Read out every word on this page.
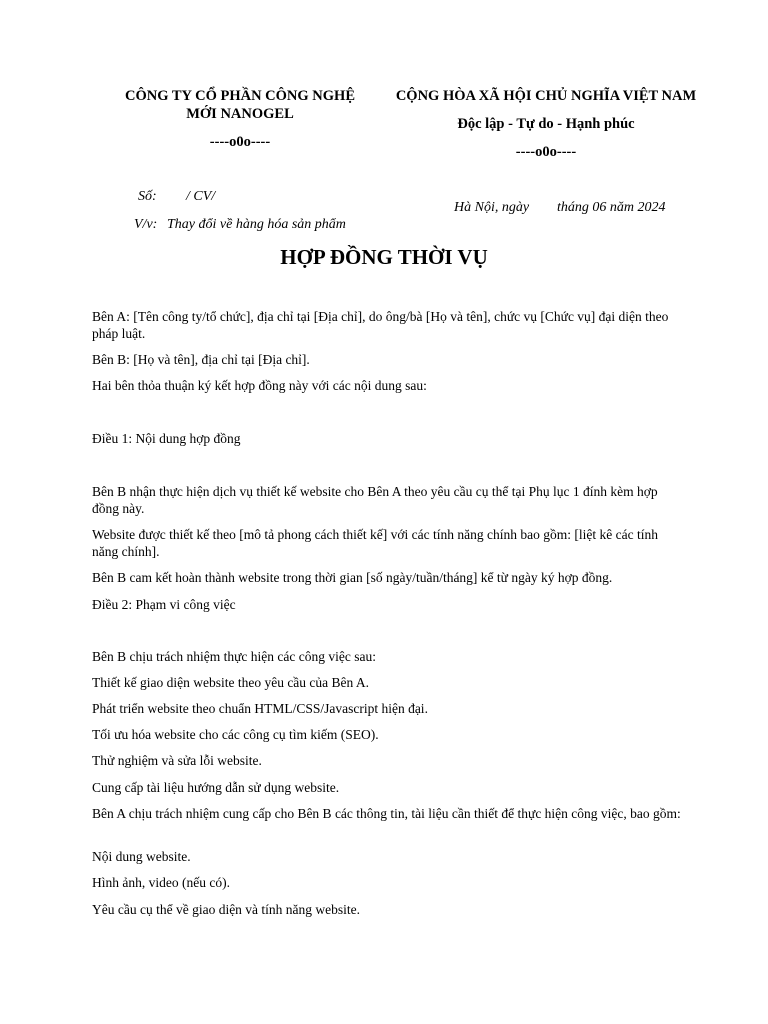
CÔNG TY CỔ PHẦN CÔNG NGHỆ
MỚI NANOGEL
----o0o----
CỘNG HÒA XÃ HỘI CHỦ NGHĨA VIỆT NAM
Độc lập - Tự do - Hạnh phúc
----o0o----
Số: / CV/
V/v: Thay đổi về hàng hóa sản phẩm
Hà Nội, ngày tháng 06 năm 2024
HỢP ĐỒNG THỜI VỤ
Bên A: [Tên công ty/tổ chức], địa chỉ tại [Địa chỉ], do ông/bà [Họ và tên], chức vụ [Chức vụ] đại diện theo pháp luật.
Bên B: [Họ và tên], địa chỉ tại [Địa chỉ].
Hai bên thỏa thuận ký kết hợp đồng này với các nội dung sau:
Điều 1: Nội dung hợp đồng
Bên B nhận thực hiện dịch vụ thiết kế website cho Bên A theo yêu cầu cụ thể tại Phụ lục 1 đính kèm hợp đồng này.
Website được thiết kế theo [mô tả phong cách thiết kế] với các tính năng chính bao gồm: [liệt kê các tính năng chính].
Bên B cam kết hoàn thành website trong thời gian [số ngày/tuần/tháng] kể từ ngày ký hợp đồng.
Điều 2: Phạm vi công việc
Bên B chịu trách nhiệm thực hiện các công việc sau:
Thiết kế giao diện website theo yêu cầu của Bên A.
Phát triển website theo chuẩn HTML/CSS/Javascript hiện đại.
Tối ưu hóa website cho các công cụ tìm kiếm (SEO).
Thử nghiệm và sửa lỗi website.
Cung cấp tài liệu hướng dẫn sử dụng website.
Bên A chịu trách nhiệm cung cấp cho Bên B các thông tin, tài liệu cần thiết để thực hiện công việc, bao gồm:
Nội dung website.
Hình ảnh, video (nếu có).
Yêu cầu cụ thể về giao diện và tính năng website.
